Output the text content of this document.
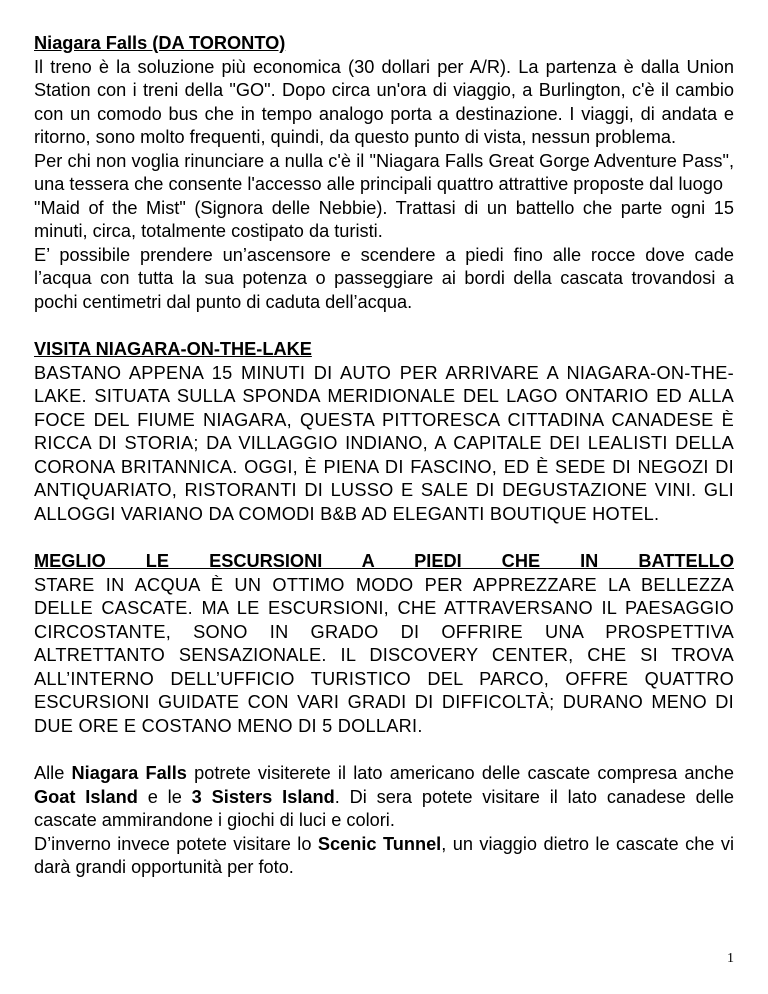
Niagara Falls (DA TORONTO)
Il treno è la soluzione più economica (30 dollari per A/R). La partenza è dalla Union Station con i treni della "GO". Dopo circa un'ora di viaggio, a Burlington, c'è il cambio con un comodo bus che in tempo analogo porta a destinazione. I viaggi, di andata e ritorno, sono molto frequenti, quindi, da questo punto di vista, nessun problema.
Per chi non voglia rinunciare a nulla c'è il "Niagara Falls Great Gorge Adventure Pass", una tessera che consente l'accesso alle principali quattro attrattive proposte dal luogo
"Maid of the Mist" (Signora delle Nebbie). Trattasi di un battello che parte ogni 15 minuti, circa, totalmente costipato da turisti.
E’ possibile prendere un’ascensore e scendere a piedi fino alle rocce dove cade l’acqua con tutta la sua potenza o passeggiare ai bordi della cascata trovandosi a pochi centimetri dal punto di caduta dell’acqua.
VISITA NIAGARA-ON-THE-LAKE
BASTANO APPENA 15 MINUTI DI AUTO PER ARRIVARE A NIAGARA-ON-THE-LAKE. SITUATA SULLA SPONDA MERIDIONALE DEL LAGO ONTARIO ED ALLA FOCE DEL FIUME NIAGARA, QUESTA PITTORESCA CITTADINA CANADESE È RICCA DI STORIA; DA VILLAGGIO INDIANO, A CAPITALE DEI LEALISTI DELLA CORONA BRITANNICA. OGGI, È PIENA DI FASCINO, ED È SEDE DI NEGOZI DI ANTIQUARIATO, RISTORANTI DI LUSSO E SALE DI DEGUSTAZIONE VINI. GLI ALLOGGI VARIANO DA COMODI B&B AD ELEGANTI BOUTIQUE HOTEL.
MEGLIO LE ESCURSIONI A PIEDI CHE IN BATTELLO
STARE IN ACQUA È UN OTTIMO MODO PER APPREZZARE LA BELLEZZA DELLE CASCATE. MA LE ESCURSIONI, CHE ATTRAVERSANO IL PAESAGGIO CIRCOSTANTE, SONO IN GRADO DI OFFRIRE UNA PROSPETTIVA ALTRETTANTO SENSAZIONALE. IL DISCOVERY CENTER, CHE SI TROVA ALL’INTERNO DELL’UFFICIO TURISTICO DEL PARCO, OFFRE QUATTRO ESCURSIONI GUIDATE CON VARI GRADI DI DIFFICOLTÀ; DURANO MENO DI DUE ORE E COSTANO MENO DI 5 DOLLARI.
Alle Niagara Falls potrete visiterete il lato americano delle cascate compresa anche Goat Island e le 3 Sisters Island. Di sera potete visitare il lato canadese delle cascate ammirandone i giochi di luci e colori.
D’inverno invece potete visitare lo Scenic Tunnel, un viaggio dietro le cascate che vi darà grandi opportunità per foto.
1
